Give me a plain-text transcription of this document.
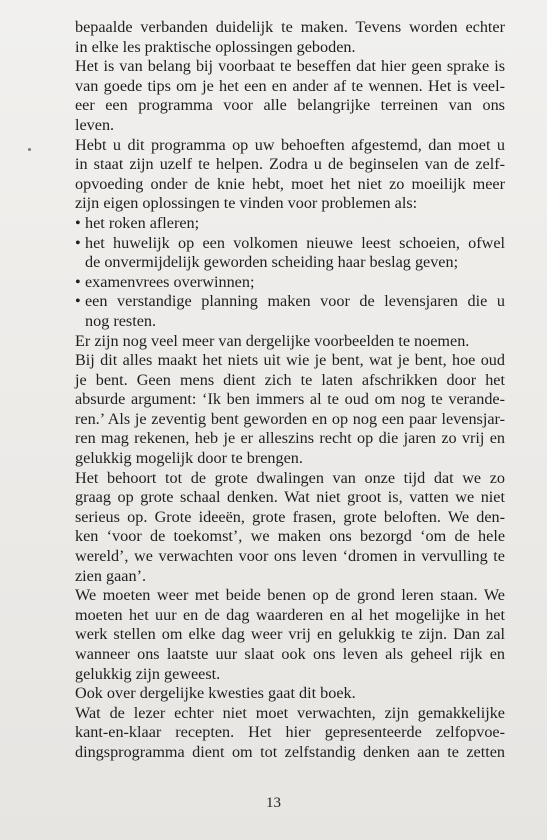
bepaalde verbanden duidelijk te maken. Tevens worden echter
in elke les praktische oplossingen geboden.
Het is van belang bij voorbaat te beseffen dat hier geen sprake is
van goede tips om je het een en ander af te wennen. Het is veel-
eer een programma voor alle belangrijke terreinen van ons
leven.
Hebt u dit programma op uw behoeften afgestemd, dan moet u
in staat zijn uzelf te helpen. Zodra u de beginselen van de zelf-
opvoeding onder de knie hebt, moet het niet zo moeilijk meer
zijn eigen oplossingen te vinden voor problemen als:
• het roken afleren;
• het huwelijk op een volkomen nieuwe leest schoeien, ofwel
de onvermijdelijk geworden scheiding haar beslag geven;
• examenvrees overwinnen;
• een verstandige planning maken voor de levensjaren die u
nog resten.
Er zijn nog veel meer van dergelijke voorbeelden te noemen.
Bij dit alles maakt het niets uit wie je bent, wat je bent, hoe oud
je bent. Geen mens dient zich te laten afschrikken door het
absurde argument: ‘Ik ben immers al te oud om nog te verande-
ren.’ Als je zeventig bent geworden en op nog een paar levensjar-
ren mag rekenen, heb je er alleszins recht op die jaren zo vrij en
gelukkig mogelijk door te brengen.
Het behoort tot de grote dwalingen van onze tijd dat we zo
graag op grote schaal denken. Wat niet groot is, vatten we niet
serieus op. Grote ideeën, grote frasen, grote beloften. We den-
ken ‘voor de toekomst’, we maken ons bezorgd ‘om de hele
wereld’, we verwachten voor ons leven ‘dromen in vervulling te
zien gaan’.
We moeten weer met beide benen op de grond leren staan. We
moeten het uur en de dag waarderen en al het mogelijke in het
werk stellen om elke dag weer vrij en gelukkig te zijn. Dan zal
wanneer ons laatste uur slaat ook ons leven als geheel rijk en
gelukkig zijn geweest.
Ook over dergelijke kwesties gaat dit boek.
Wat de lezer echter niet moet verwachten, zijn gemakkelijke
kant-en-klaar recepten. Het hier gepresenteerde zelfopvoe-
dingsprogramma dient om tot zelfstandig denken aan te zetten
13
